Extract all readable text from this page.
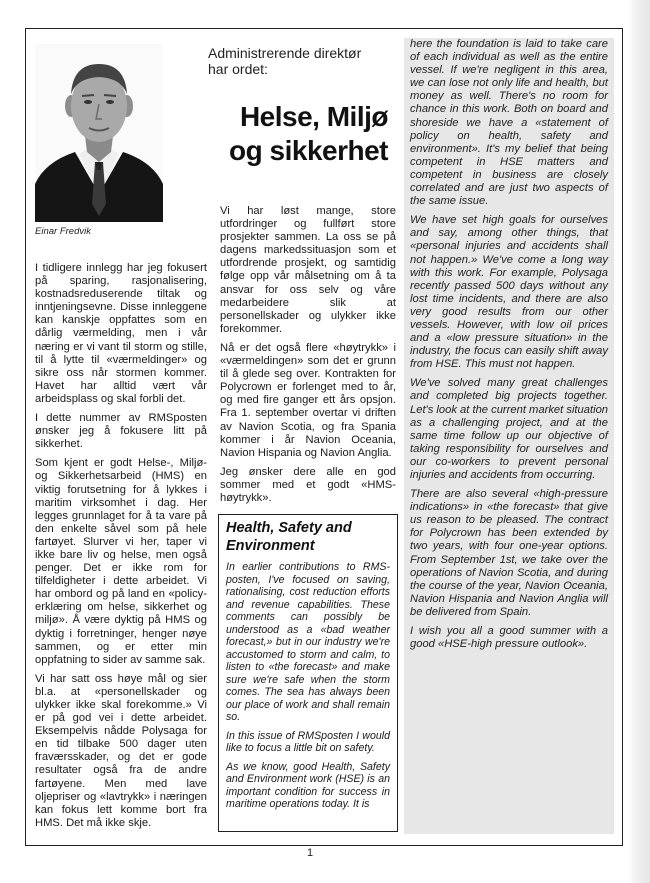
Einar Fredvik
Administrerende direktør
har ordet:
Helse, Miljø
og sikkerhet

I tidligere innlegg har jeg fokusert på sparing, rasjonalisering, kostnadsreduserende tiltak og inntjeningsevne. Disse innleggene kan kanskje oppfattes som en dårlig værmelding, men i vår næring er vi vant til storm og stille, til å lytte til «værmeldinger» og sikre oss når stormen kommer. Havet har alltid vært vår arbeidsplass og skal forbli det.

I dette nummer av RMSposten ønsker jeg å fokusere litt på sikkerhet.

Som kjent er godt Helse-, Miljø- og Sikkerhetsarbeid (HMS) en viktig forutsetning for å lykkes i maritim virksomhet i dag. Her legges grunnlaget for å ta vare på den enkelte såvel som på hele fartøyet. Slurver vi her, taper vi ikke bare liv og helse, men også penger. Det er ikke rom for tilfeldigheter i dette arbeidet. Vi har ombord og på land en «policy-erklæring om helse, sikkerhet og miljø». Å være dyktig på HMS og dyktig i forretninger, henger nøye sammen, og er etter min oppfatning to sider av samme sak.

Vi har satt oss høye mål og sier bl.a. at «personellskader og ulykker ikke skal forekomme.» Vi er på god vei i dette arbeidet. Eksempelvis nådde Polysaga for en tid tilbake 500 dager uten fraværsskader, og det er gode resultater også fra de andre fartøyene. Men med lave oljepriser og «lavtrykk» i næringen kan fokus lett komme bort fra HMS. Det må ikke skje.

Vi har løst mange, store utfordringer og fullført store prosjekter sammen. La oss se på dagens markedssituasjon som et utfordrende prosjekt, og samtidig følge opp vår målsetning om å ta ansvar for oss selv og våre medarbeidere slik at personellskader og ulykker ikke forekommer.

Nå er det også flere «høytrykk» i «værmeldingen» som det er grunn til å glede seg over. Kontrakten for Polycrown er forlenget med to år, og med fire ganger ett års opsjon. Fra 1. september overtar vi driften av Navion Scotia, og fra Spania kommer i år Navion Oceania, Navion Hispania og Navion Anglia.

Jeg ønsker dere alle en god sommer med et godt «HMS-høytrykk».

Health, Safety and Environment

In earlier contributions to RMS-posten, I've focused on saving, rationalising, cost reduction efforts and revenue capabilities. These comments can possibly be understood as a «bad weather forecast,» but in our industry we're accustomed to storm and calm, to listen to «the forecast» and make sure we're safe when the storm comes. The sea has always been our place of work and shall remain so.

In this issue of RMSposten I would like to focus a little bit on safety.

As we know, good Health, Safety and Environment work (HSE) is an important condition for success in maritime operations today. It is

here the foundation is laid to take care of each individual as well as the entire vessel. If we're negligent in this area, we can lose not only life and health, but money as well. There's no room for chance in this work. Both on board and shoreside we have a «statement of policy on health, safety and environment». It's my belief that being competent in HSE matters and competent in business are closely correlated and are just two aspects of the same issue.

We have set high goals for ourselves and say, among other things, that «personal injuries and accidents shall not happen.» We've come a long way with this work. For example, Polysaga recently passed 500 days without any lost time incidents, and there are also very good results from our other vessels. However, with low oil prices and a «low pressure situation» in the industry, the focus can easily shift away from HSE. This must not happen.

We've solved many great challenges and completed big projects together. Let's look at the current market situation as a challenging project, and at the same time follow up our objective of taking responsibility for ourselves and our co-workers to prevent personal injuries and accidents from occurring.

There are also several «high-pressure indications» in «the forecast» that give us reason to be pleased. The contract for Polycrown has been extended by two years, with four one-year options. From September 1st, we take over the operations of Navion Scotia, and during the course of the year, Navion Oceania, Navion Hispania and Navion Anglia will be delivered from Spain.

I wish you all a good summer with a good «HSE-high pressure outlook».

1
